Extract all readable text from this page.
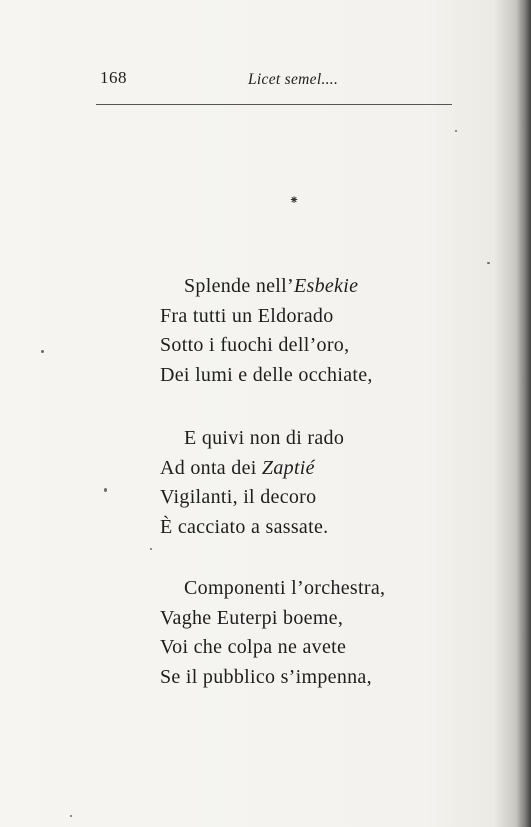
168	Licet semel....
⁕
Splende nell’Esbekie
Fra tutti un Eldorado
Sotto i fuochi dell’oro,
Dei lumi e delle occhiate,
E quivi non di rado
Ad onta dei Zaptié
Vigilanti, il decoro
È cacciato a sassate.
Componenti l’orchestra,
Vaghe Euterpi boeme,
Voi che colpa ne avete
Se il pubblico s’impenna,
